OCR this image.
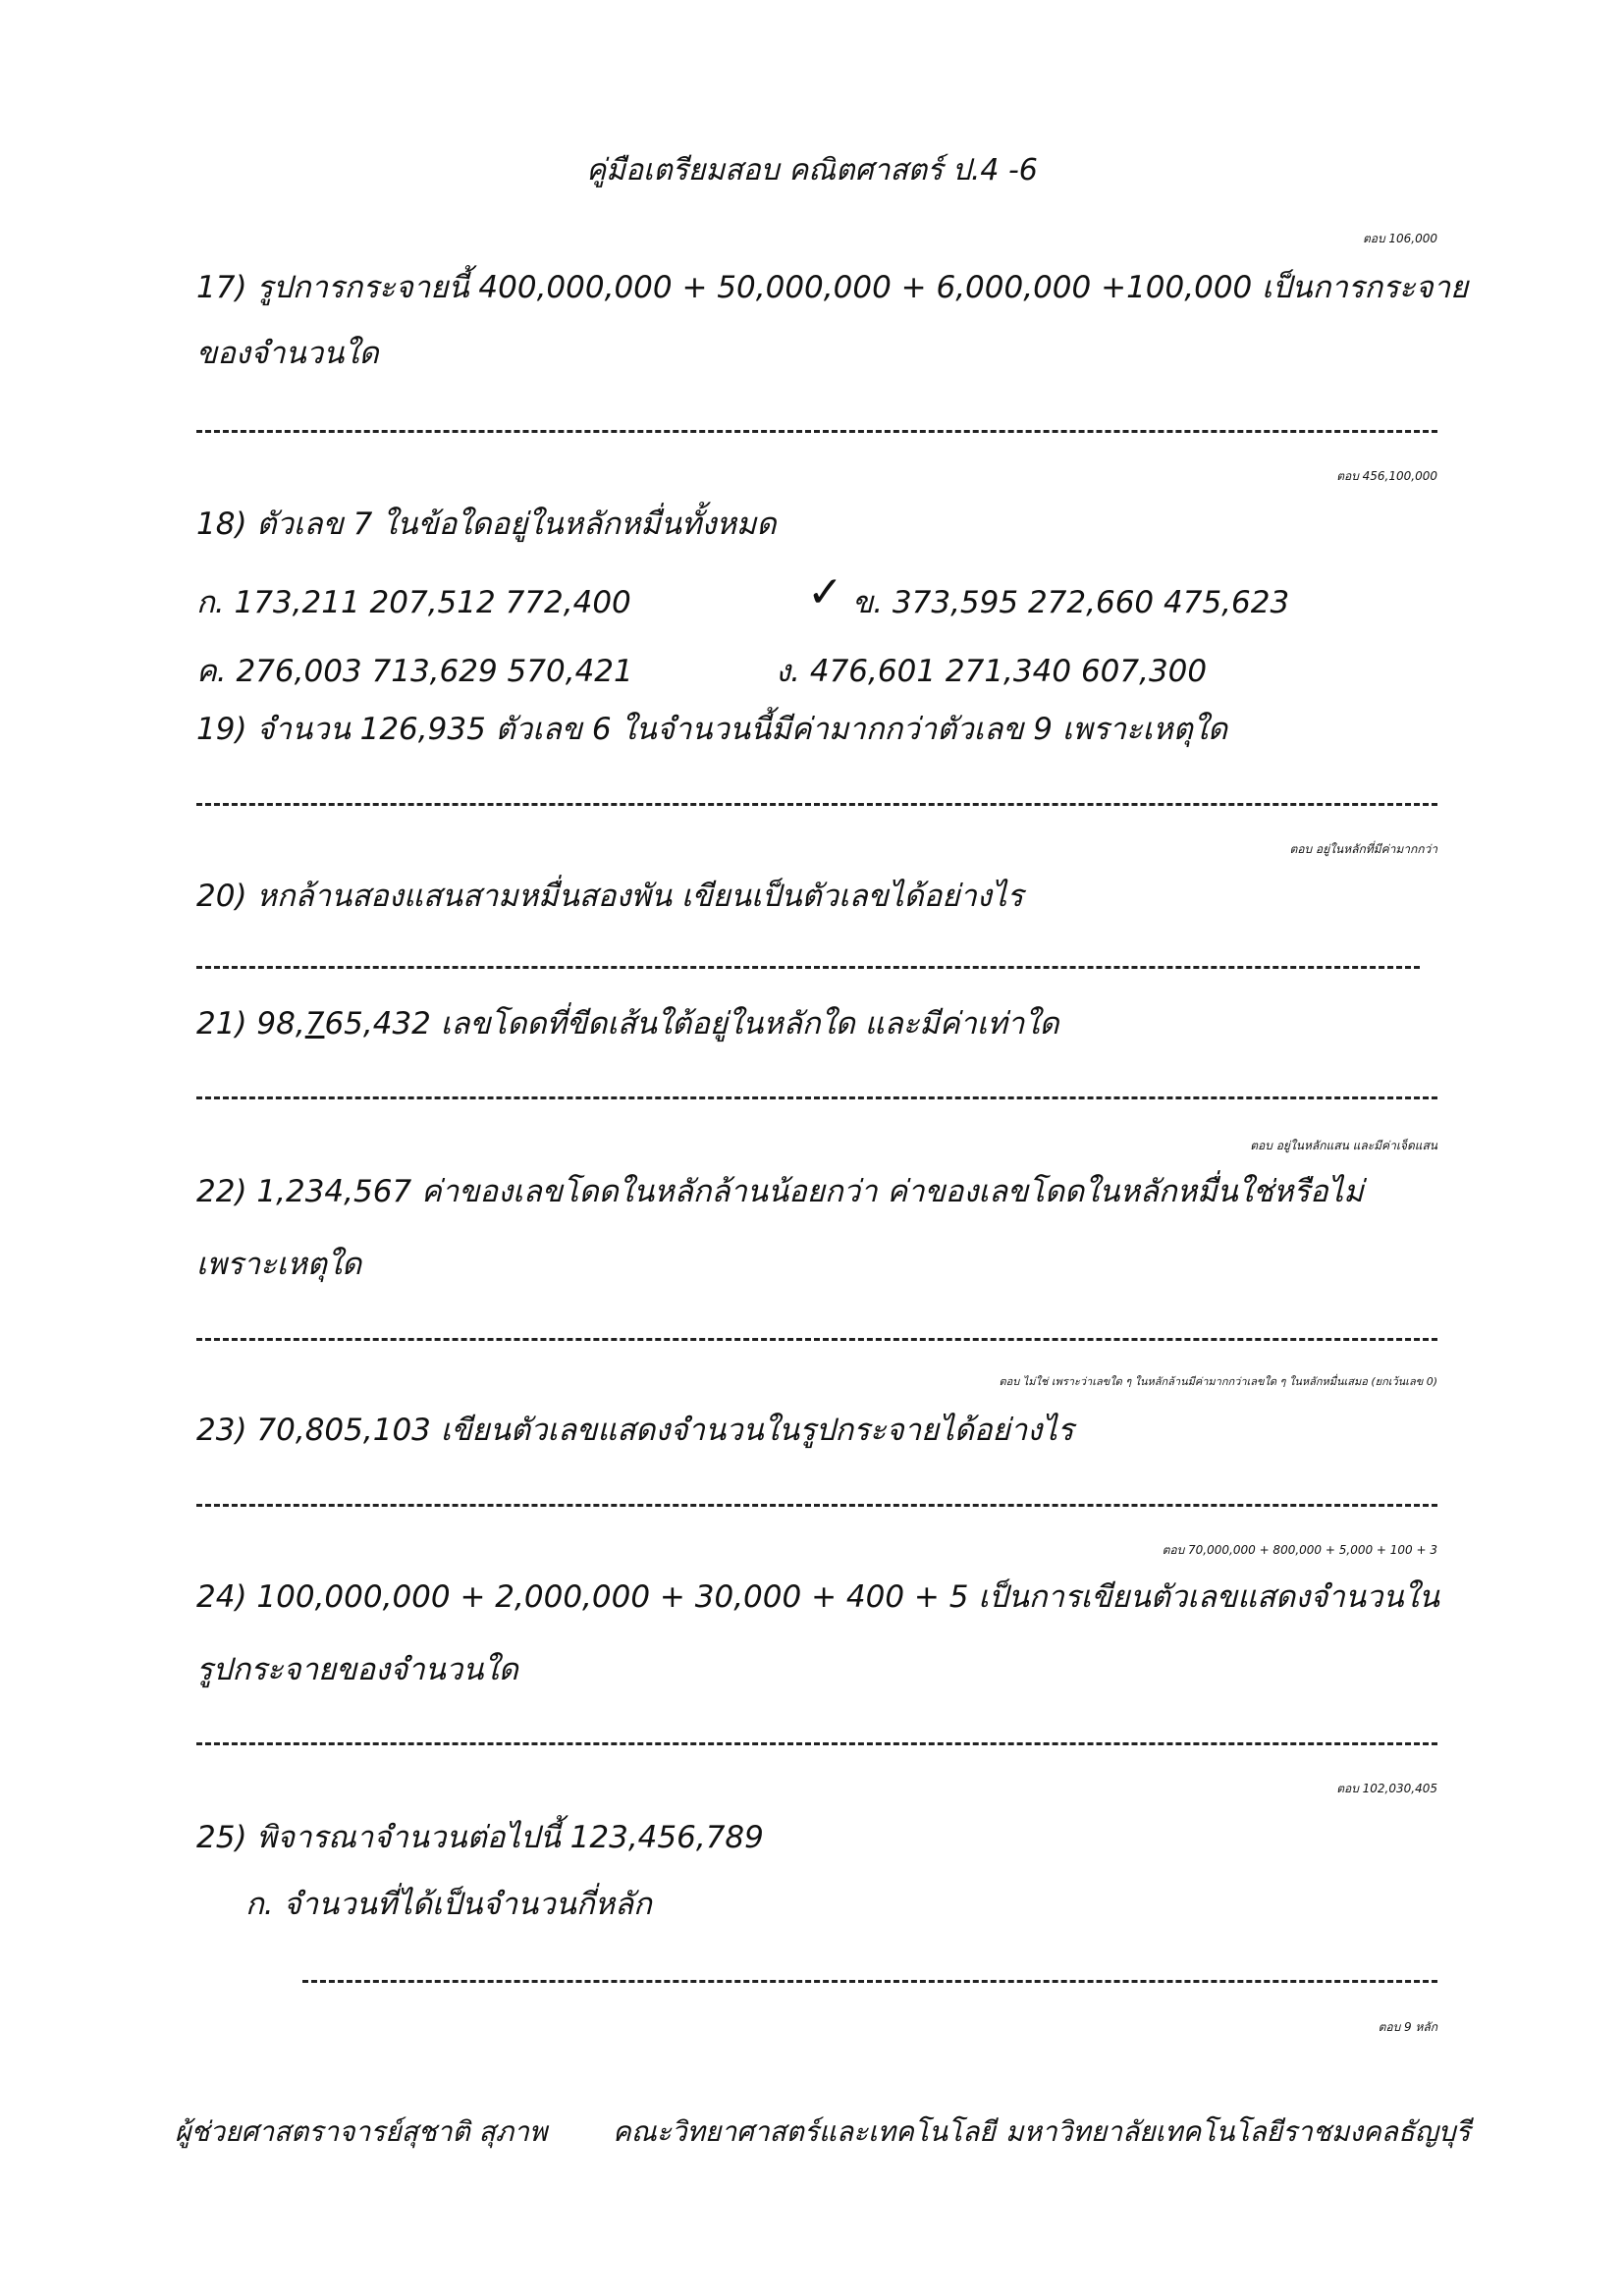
คู่มือเตรียมสอบ คณิตศาสตร์ ป.4 -6
ตอบ 106,000
17) รูปการกระจายนี้ 400,000,000 + 50,000,000 + 6,000,000 +100,000 เป็นการกระจาย
ของจำนวนใด
ตอบ 456,100,000
18) ตัวเลข 7 ในข้อใดอยู่ในหลักหมื่นทั้งหมด
ก. 173,211 207,512 772,400	✓ ข. 373,595 272,660 475,623
ค. 276,003 713,629 570,421	ง. 476,601 271,340 607,300
19) จำนวน 126,935 ตัวเลข 6 ในจำนวนนี้มีค่ามากกว่าตัวเลข 9 เพราะเหตุใด
ตอบ อยู่ในหลักที่มีค่ามากกว่า
20) หกล้านสองแสนสามหมื่นสองพัน เขียนเป็นตัวเลขได้อย่างไร
21) 98,765,432 เลขโดดที่ขีดเส้นใต้อยู่ในหลักใด และมีค่าเท่าใด
ตอบ อยู่ในหลักแสน และมีค่าเจ็ดแสน
22) 1,234,567 ค่าของเลขโดดในหลักล้านน้อยกว่า ค่าของเลขโดดในหลักหมื่นใช่หรือไม่
เพราะเหตุใด
ตอบ ไม่ใช่ เพราะว่าเลขใด ๆ ในหลักล้านมีค่ามากกว่าเลขใด ๆ ในหลักหมื่นเสมอ (ยกเว้นเลข 0)
23) 70,805,103 เขียนตัวเลขแสดงจำนวนในรูปกระจายได้อย่างไร
ตอบ 70,000,000 + 800,000 + 5,000 + 100 + 3
24) 100,000,000 + 2,000,000 + 30,000 + 400 + 5 เป็นการเขียนตัวเลขแสดงจำนวนใน
รูปกระจายของจำนวนใด
ตอบ 102,030,405
25) พิจารณาจำนวนต่อไปนี้ 123,456,789
ก. จำนวนที่ได้เป็นจำนวนกี่หลัก
ตอบ 9 หลัก
ผู้ช่วยศาสตราจารย์สุชาติ สุภาพ คณะวิทยาศาสตร์และเทคโนโลยี มหาวิทยาลัยเทคโนโลยีราชมงคลธัญบุรี
